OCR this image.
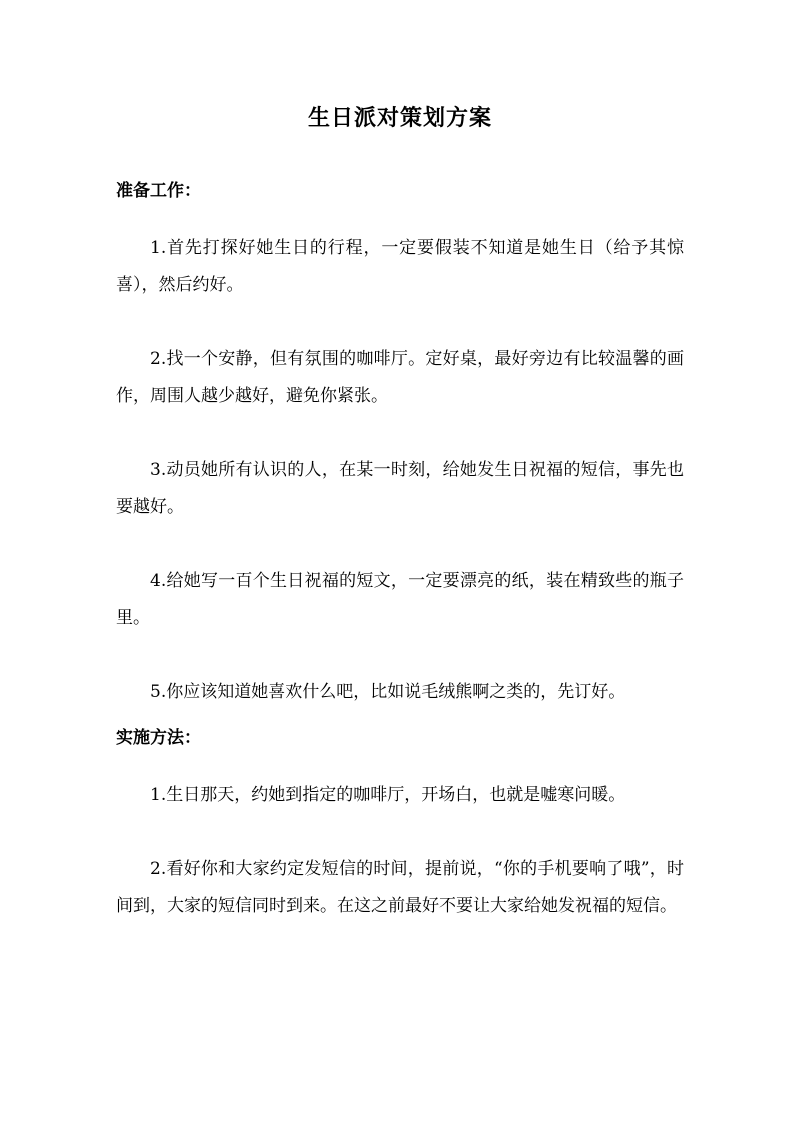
生日派对策划方案
准备工作：

1.首先打探好她生日的行程，一定要假装不知道是她生日（给予其惊喜），然后约好。

2.找一个安静，但有氛围的咖啡厅。定好桌，最好旁边有比较温馨的画作，周围人越少越好，避免你紧张。

3.动员她所有认识的人，在某一时刻，给她发生日祝福的短信，事先也要越好。

4.给她写一百个生日祝福的短文，一定要漂亮的纸，装在精致些的瓶子里。

5.你应该知道她喜欢什么吧，比如说毛绒熊啊之类的，先订好。

实施方法：

1.生日那天，约她到指定的咖啡厅，开场白，也就是嘘寒问暖。

2.看好你和大家约定发短信的时间，提前说，“你的手机要响了哦”，时间到，大家的短信同时到来。在这之前最好不要让大家给她发祝福的短信。
